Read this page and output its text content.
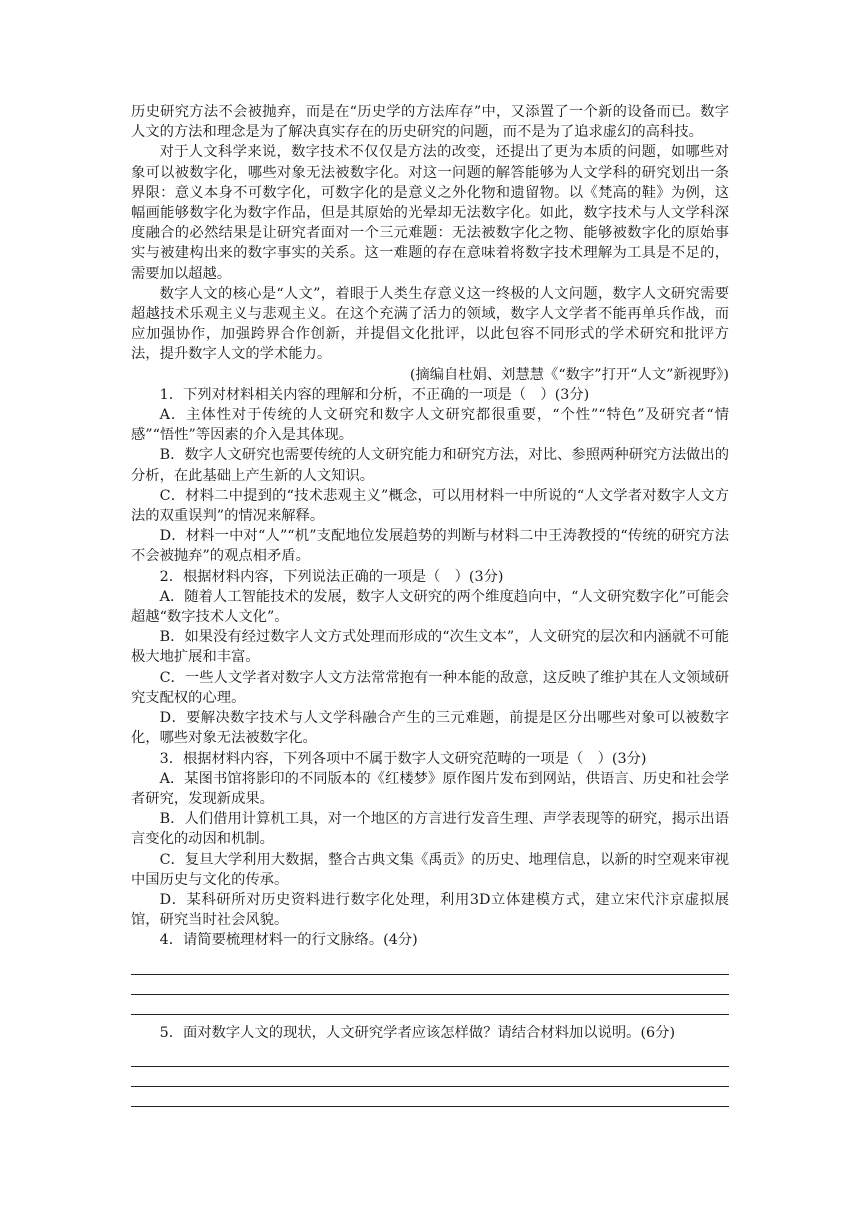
历史研究方法不会被抛弃，而是在“历史学的方法库存”中，又添置了一个新的设备而已。数字人文的方法和理念是为了解决真实存在的历史研究的问题，而不是为了追求虚幻的高科技。

对于人文科学来说，数字技术不仅仅是方法的改变，还提出了更为本质的问题，如哪些对象可以被数字化，哪些对象无法被数字化。对这一问题的解答能够为人文学科的研究划出一条界限：意义本身不可数字化，可数字化的是意义之外化物和遗留物。以《梵高的鞋》为例，这幅画能够数字化为数字作品，但是其原始的光晕却无法数字化。如此，数字技术与人文学科深度融合的必然结果是让研究者面对一个三元难题：无法被数字化之物、能够被数字化的原始事实与被建构出来的数字事实的关系。这一难题的存在意味着将数字技术理解为工具是不足的，需要加以超越。

数字人文的核心是“人文”，着眼于人类生存意义这一终极的人文问题，数字人文研究需要超越技术乐观主义与悲观主义。在这个充满了活力的领域，数字人文学者不能再单兵作战，而应加强协作，加强跨界合作创新，并提倡文化批评，以此包容不同形式的学术研究和批评方法，提升数字人文的学术能力。

(摘编自杜娟、刘慧慧《“数字”打开“人文”新视野》)

1．下列对材料相关内容的理解和分析，不正确的一项是（　）(3分)

A．主体性对于传统的人文研究和数字人文研究都很重要，“个性”“特色”及研究者“情感”“悟性”等因素的介入是其体现。

B．数字人文研究也需要传统的人文研究能力和研究方法，对比、参照两种研究方法做出的分析，在此基础上产生新的人文知识。

C．材料二中提到的“技术悲观主义”概念，可以用材料一中所说的“人文学者对数字人文方法的双重误判”的情况来解释。

D．材料一中对“人”“机”支配地位发展趋势的判断与材料二中王涛教授的“传统的研究方法不会被抛弃”的观点相矛盾。

2．根据材料内容，下列说法正确的一项是（　）(3分)

A．随着人工智能技术的发展，数字人文研究的两个维度趋向中，“人文研究数字化”可能会超越“数字技术人文化”。

B．如果没有经过数字人文方式处理而形成的“次生文本”，人文研究的层次和内涵就不可能极大地扩展和丰富。

C．一些人文学者对数字人文方法常常抱有一种本能的敌意，这反映了维护其在人文领域研究支配权的心理。

D．要解决数字技术与人文学科融合产生的三元难题，前提是区分出哪些对象可以被数字化，哪些对象无法被数字化。

3．根据材料内容，下列各项中不属于数字人文研究范畴的一项是（　）(3分)

A．某图书馆将影印的不同版本的《红楼梦》原作图片发布到网站，供语言、历史和社会学者研究，发现新成果。

B．人们借用计算机工具，对一个地区的方言进行发音生理、声学表现等的研究，揭示出语言变化的动因和机制。

C．复旦大学利用大数据，整合古典文集《禹贡》的历史、地理信息，以新的时空观来审视中国历史与文化的传承。

D．某科研所对历史资料进行数字化处理，利用3D立体建模方式，建立宋代汴京虚拟展馆，研究当时社会风貌。

4．请简要梳理材料一的行文脉络。(4分)

5．面对数字人文的现状，人文研究学者应该怎样做？请结合材料加以说明。(6分)
